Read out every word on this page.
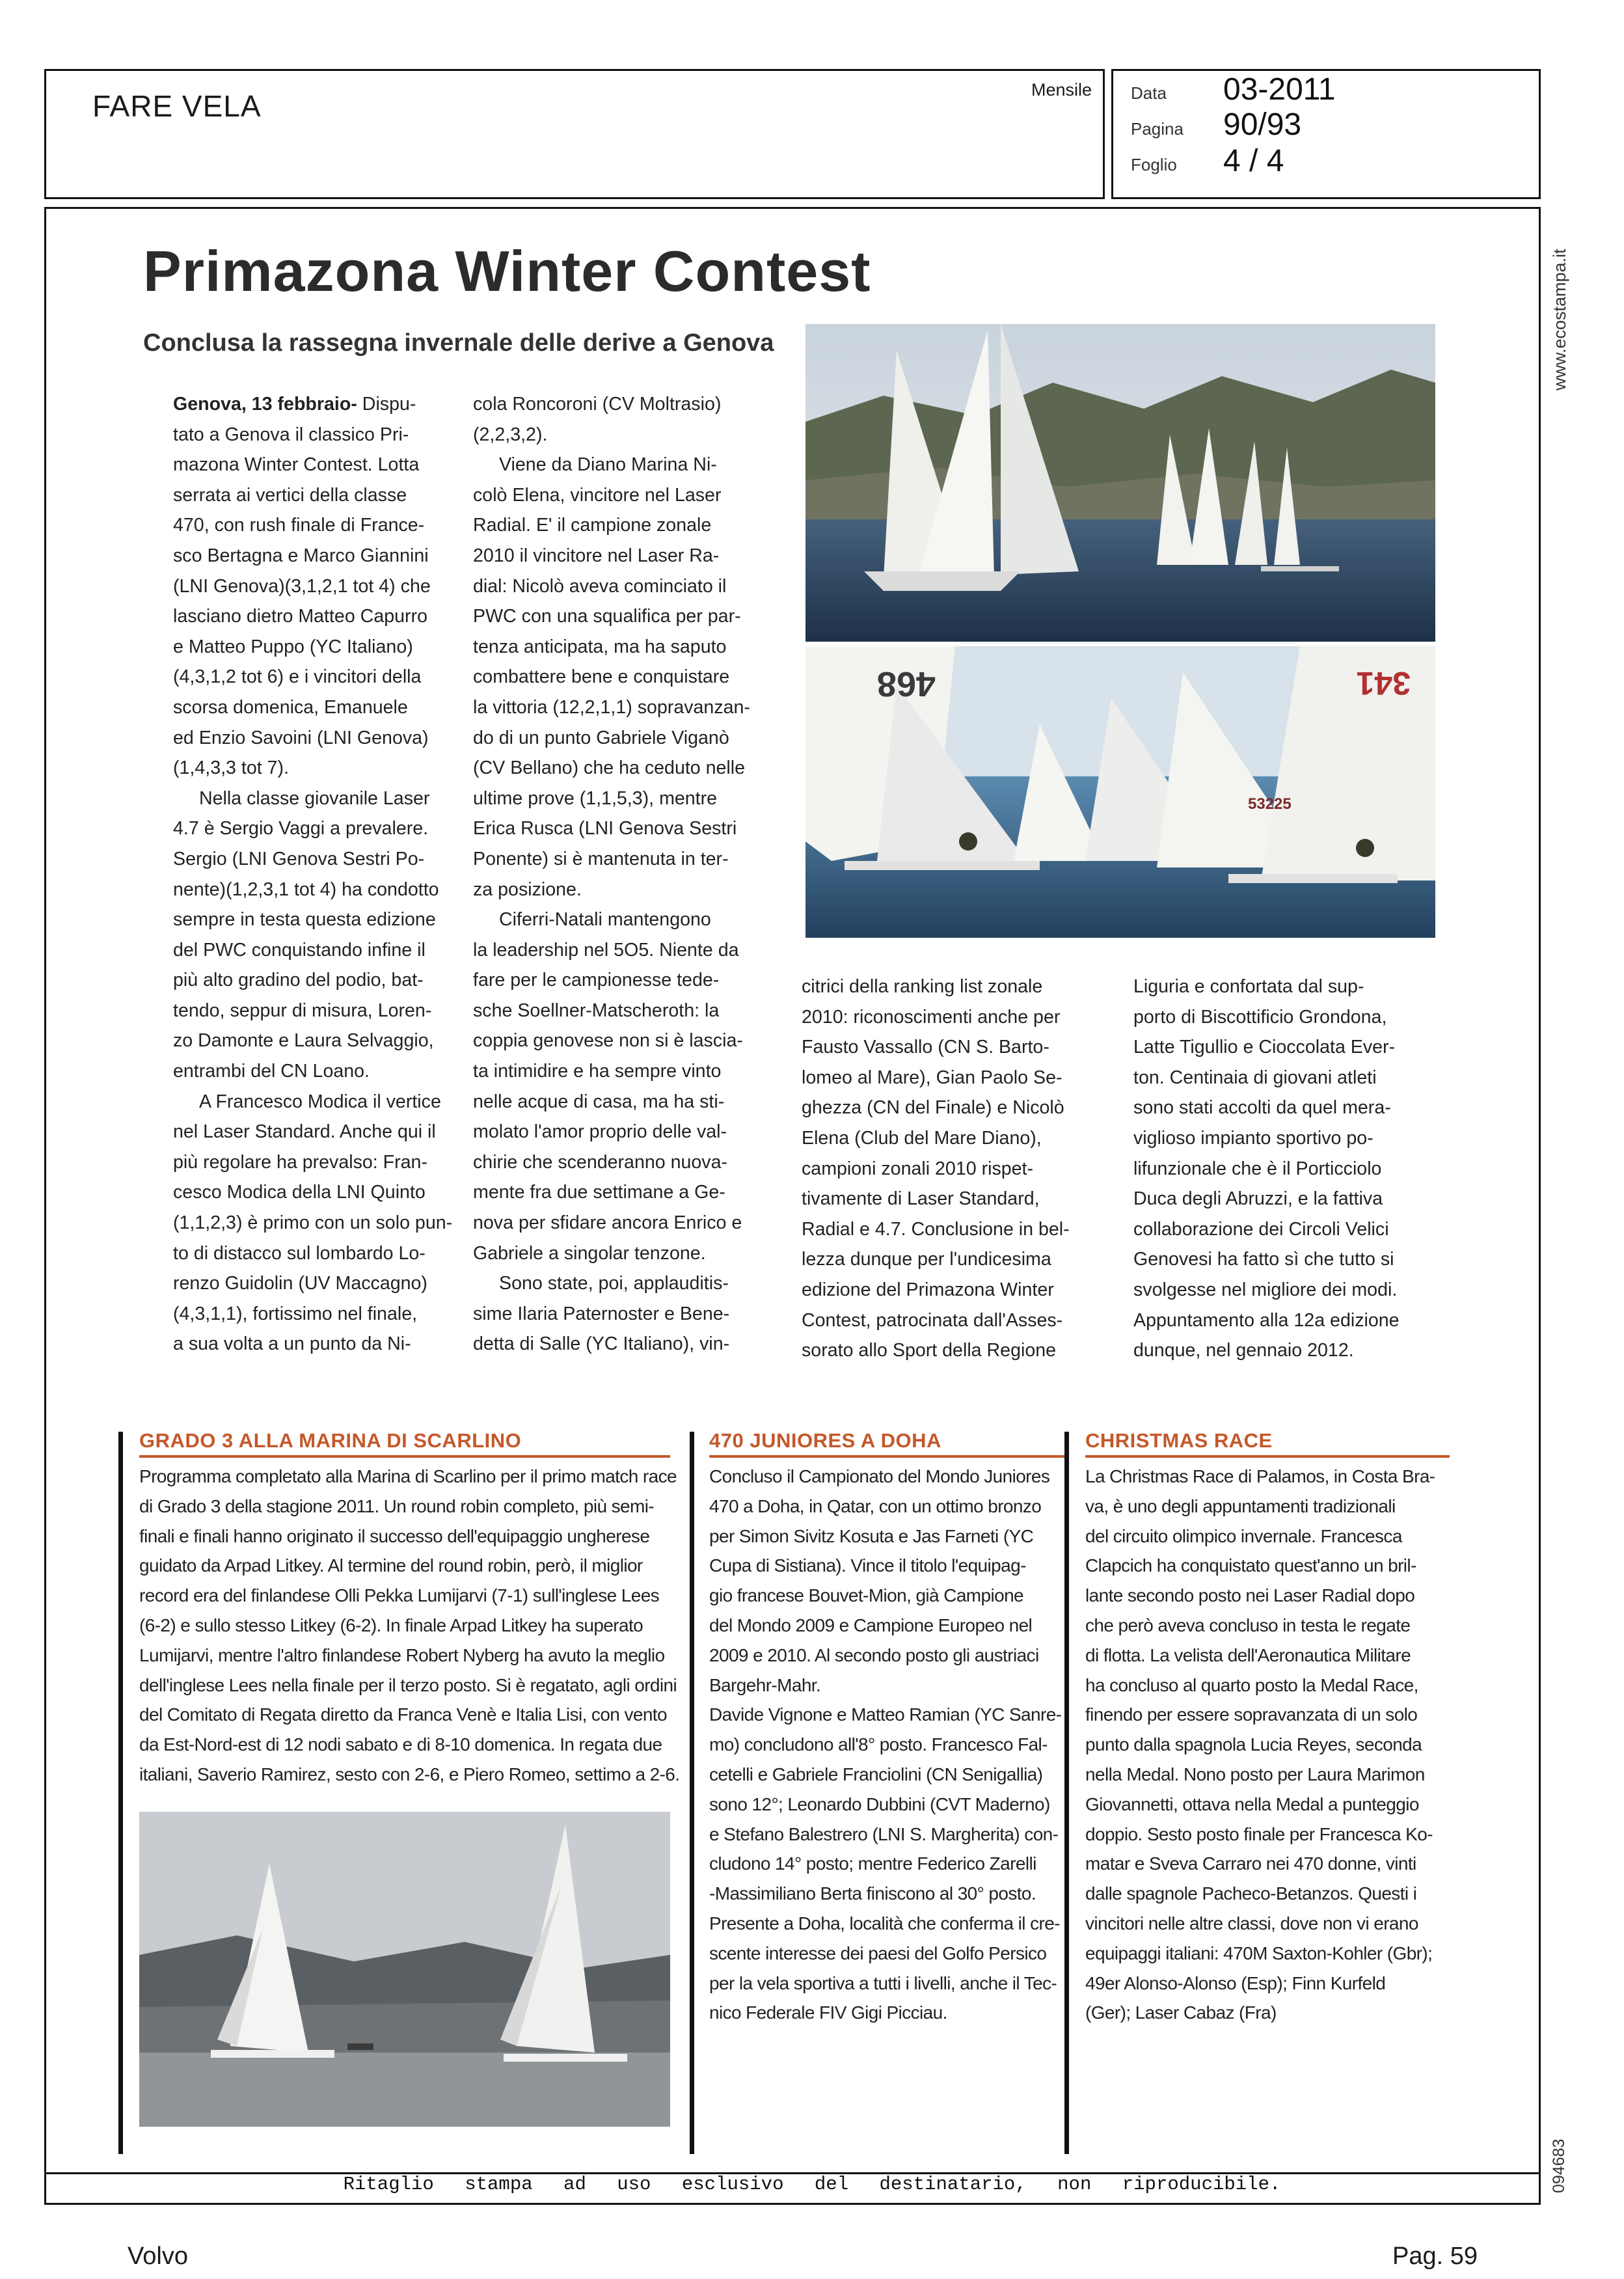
FARE VELA	Mensile Data 03-2011
Pagina 90/93
Foglio 4 / 4
www.ecostampa.it
094683
Primazona Winter Contest
Conclusa la rassegna invernale delle derive a Genova
Genova, 13 febbraio- Dispu-
tato a Genova il classico Pri-
mazona Winter Contest. Lotta
serrata ai vertici della classe
470, con rush finale di France-
sco Bertagna e Marco Giannini
(LNI Genova)(3,1,2,1 tot 4) che
lasciano dietro Matteo Capurro
e Matteo Puppo (YC Italiano)
(4,3,1,2 tot 6) e i vincitori della
scorsa domenica, Emanuele
ed Enzio Savoini (LNI Genova)
(1,4,3,3 tot 7).
Nella classe giovanile Laser
4.7 è Sergio Vaggi a prevalere.
Sergio (LNI Genova Sestri Po-
nente)(1,2,3,1 tot 4) ha condotto
sempre in testa questa edizione
del PWC conquistando infine il
più alto gradino del podio, bat-
tendo, seppur di misura, Loren-
zo Damonte e Laura Selvaggio,
entrambi del CN Loano.
A Francesco Modica il vertice
nel Laser Standard. Anche qui il
più regolare ha prevalso: Fran-
cesco Modica della LNI Quinto
(1,1,2,3) è primo con un solo pun-
to di distacco sul lombardo Lo-
renzo Guidolin (UV Maccagno)
(4,3,1,1), fortissimo nel finale,
a sua volta a un punto da Ni-
cola Roncoroni (CV Moltrasio)
(2,2,3,2).
Viene da Diano Marina Ni-
colò Elena, vincitore nel Laser
Radial. E' il campione zonale
2010 il vincitore nel Laser Ra-
dial: Nicolò aveva cominciato il
PWC con una squalifica per par-
tenza anticipata, ma ha saputo
combattere bene e conquistare
la vittoria (12,2,1,1) sopravanzan-
do di un punto Gabriele Viganò
(CV Bellano) che ha ceduto nelle
ultime prove (1,1,5,3), mentre
Erica Rusca (LNI Genova Sestri
Ponente) si è mantenuta in ter-
za posizione.
Ciferri-Natali mantengono
la leadership nel 5O5. Niente da
fare per le campionesse tede-
sche Soellner-Matscheroth: la
coppia genovese non si è lascia-
ta intimidire e ha sempre vinto
nelle acque di casa, ma ha sti-
molato l'amor proprio delle val-
chirie che scenderanno nuova-
mente fra due settimane a Ge-
nova per sfidare ancora Enrico e
Gabriele a singolar tenzone.
Sono state, poi, applauditis-
sime Ilaria Paternoster e Bene-
detta di Salle (YC Italiano), vin-
citrici della ranking list zonale
2010: riconoscimenti anche per
Fausto Vassallo (CN S. Barto-
lomeo al Mare), Gian Paolo Se-
ghezza (CN del Finale) e Nicolò
Elena (Club del Mare Diano),
campioni zonali 2010 rispet-
tivamente di Laser Standard,
Radial e 4.7. Conclusione in bel-
lezza dunque per l'undicesima
edizione del Primazona Winter
Contest, patrocinata dall'Asses-
sorato allo Sport della Regione
Liguria e confortata dal sup-
porto di Biscottificio Grondona,
Latte Tigullio e Cioccolata Ever-
ton. Centinaia di giovani atleti
sono stati accolti da quel mera-
viglioso impianto sportivo po-
lifunzionale che è il Porticciolo
Duca degli Abruzzi, e la fattiva
collaborazione dei Circoli Velici
Genovesi ha fatto sì che tutto si
svolgesse nel migliore dei modi.
Appuntamento alla 12a edizione
dunque, nel gennaio 2012.
468	341
53225
GRADO 3 ALLA MARINA DI SCARLINO
Programma completato alla Marina di Scarlino per il primo match race
di Grado 3 della stagione 2011. Un round robin completo, più semi-
finali e finali hanno originato il successo dell'equipaggio ungherese
guidato da Arpad Litkey. Al termine del round robin, però, il miglior
record era del finlandese Olli Pekka Lumijarvi (7-1) sull'inglese Lees
(6-2) e sullo stesso Litkey (6-2). In finale Arpad Litkey ha superato
Lumijarvi, mentre l'altro finlandese Robert Nyberg ha avuto la meglio
dell'inglese Lees nella finale per il terzo posto. Si è regatato, agli ordini
del Comitato di Regata diretto da Franca Venè e Italia Lisi, con vento
da Est-Nord-est di 12 nodi sabato e di 8-10 domenica. In regata due
italiani, Saverio Ramirez, sesto con 2-6, e Piero Romeo, settimo a 2-6.
470 JUNIORES A DOHA
Concluso il Campionato del Mondo Juniores
470 a Doha, in Qatar, con un ottimo bronzo
per Simon Sivitz Kosuta e Jas Farneti (YC
Cupa di Sistiana). Vince il titolo l'equipag-
gio francese Bouvet-Mion, già Campione
del Mondo 2009 e Campione Europeo nel
2009 e 2010. Al secondo posto gli austriaci
Bargehr-Mahr.
Davide Vignone e Matteo Ramian (YC Sanre-
mo) concludono all'8° posto. Francesco Fal-
cetelli e Gabriele Franciolini (CN Senigallia)
sono 12°; Leonardo Dubbini (CVT Maderno)
e Stefano Balestrero (LNI S. Margherita) con-
cludono 14° posto; mentre Federico Zarelli
-Massimiliano Berta finiscono al 30° posto.
Presente a Doha, località che conferma il cre-
scente interesse dei paesi del Golfo Persico
per la vela sportiva a tutti i livelli, anche il Tec-
nico Federale FIV Gigi Picciau.
CHRISTMAS RACE
La Christmas Race di Palamos, in Costa Bra-
va, è uno degli appuntamenti tradizionali
del circuito olimpico invernale. Francesca
Clapcich ha conquistato quest'anno un bril-
lante secondo posto nei Laser Radial dopo
che però aveva concluso in testa le regate
di flotta. La velista dell'Aeronautica Militare
ha concluso al quarto posto la Medal Race,
finendo per essere sopravanzata di un solo
punto dalla spagnola Lucia Reyes, seconda
nella Medal. Nono posto per Laura Marimon
Giovannetti, ottava nella Medal a punteggio
doppio. Sesto posto finale per Francesca Ko-
matar e Sveva Carraro nei 470 donne, vinti
dalle spagnole Pacheco-Betanzos. Questi i
vincitori nelle altre classi, dove non vi erano
equipaggi italiani: 470M Saxton-Kohler (Gbr);
49er Alonso-Alonso (Esp); Finn Kurfeld
(Ger); Laser Cabaz (Fra)
Ritaglio stampa ad uso esclusivo del destinatario, non riproducibile.
Volvo	Pag. 59
